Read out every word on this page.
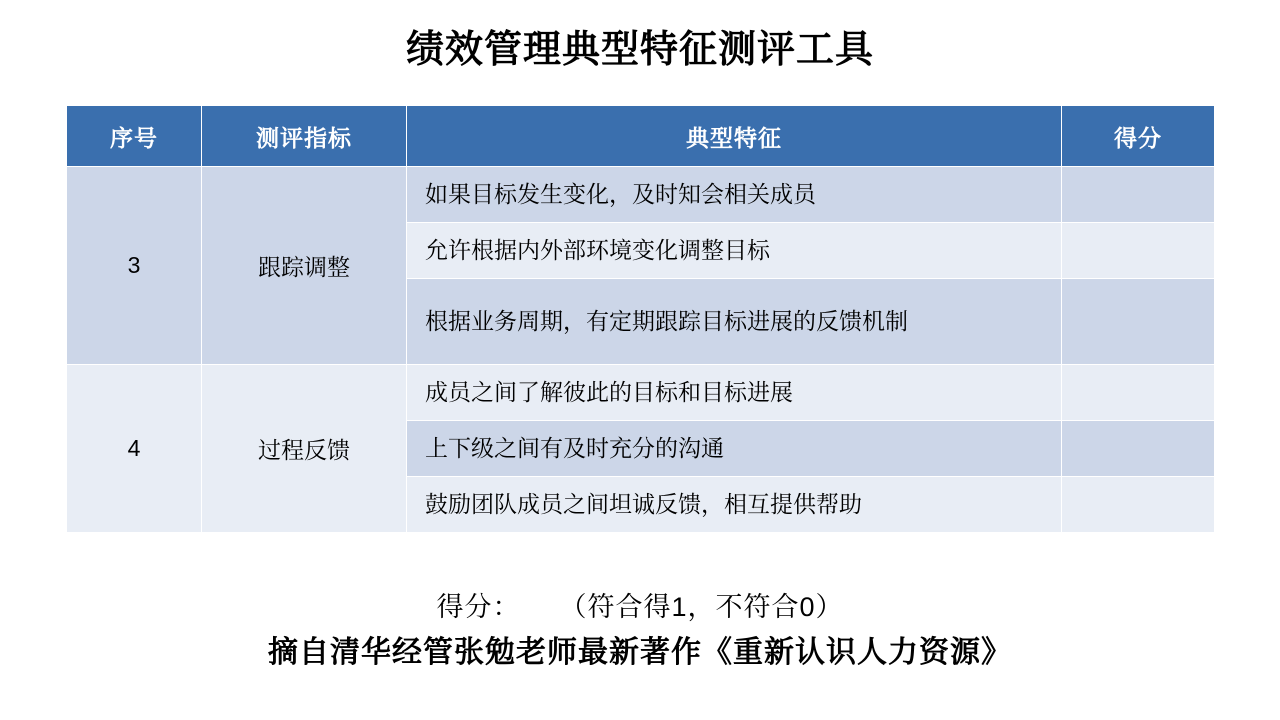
绩效管理典型特征测评工具
序号	测评指标	典型特征	得分
3	跟踪调整	如果目标发生变化，及时知会相关成员	
		允许根据内外部环境变化调整目标	
		根据业务周期，有定期跟踪目标进展的反馈机制	
4	过程反馈	成员之间了解彼此的目标和目标进展	
		上下级之间有及时充分的沟通	
		鼓励团队成员之间坦诚反馈，相互提供帮助	
得分： （符合得1，不符合0）
摘自清华经管张勉老师最新著作《重新认识人力资源》
